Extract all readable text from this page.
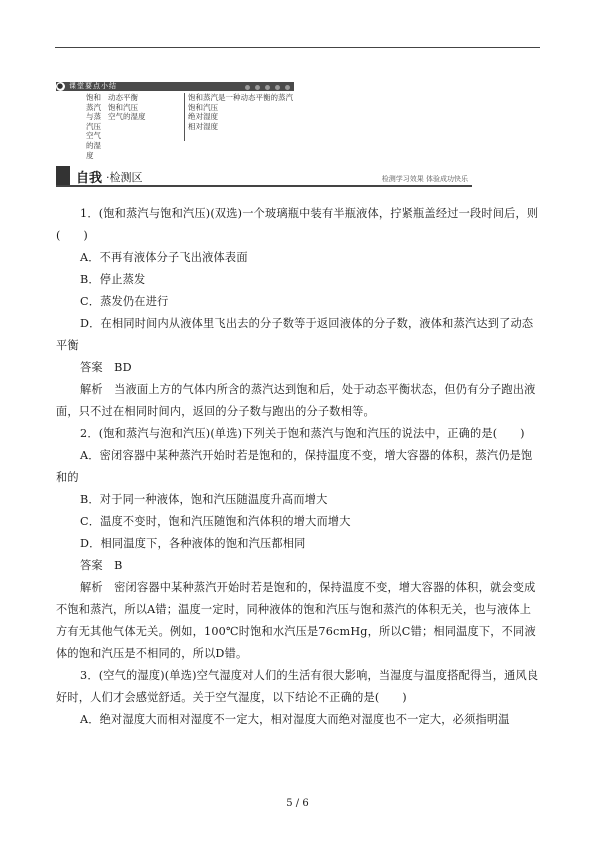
● 课堂要点小结
饱和蒸汽与蒸汽压 空气的湿度
动态平衡
饱和汽压
空气的湿度
饱和蒸汽是一种动态平衡的蒸汽
饱和汽压
绝对湿度
相对湿度
自我 ·检测区	检测学习效果 体验成功快乐

1．(饱和蒸汽与饱和汽压)(双选)一个玻璃瓶中装有半瓶液体，拧紧瓶盖经过一段时间后，则(　　)

A．不再有液体分子飞出液体表面

B．停止蒸发

C．蒸发仍在进行

D．在相同时间内从液体里飞出去的分子数等于返回液体的分子数，液体和蒸汽达到了动态平衡

答案　BD

解析　当液面上方的气体内所含的蒸汽达到饱和后，处于动态平衡状态，但仍有分子跑出液面，只不过在相同时间内，返回的分子数与跑出的分子数相等。

2．(饱和蒸汽与泡和汽压)(单选)下列关于饱和蒸汽与饱和汽压的说法中，正确的是(　　)

A．密闭容器中某种蒸汽开始时若是饱和的，保持温度不变，增大容器的体积，蒸汽仍是饱和的

B．对于同一种液体，饱和汽压随温度升高而增大

C．温度不变时，饱和汽压随饱和汽体积的增大而增大

D．相同温度下，各种液体的饱和汽压都相同

答案　B

解析　密闭容器中某种蒸汽开始时若是饱和的，保持温度不变，增大容器的体积，就会变成不饱和蒸汽，所以A错；温度一定时，同种液体的饱和汽压与饱和蒸汽的体积无关，也与液体上方有无其他气体无关。例如，100℃时饱和水汽压是76cmHg，所以C错；相同温度下，不同液体的饱和汽压是不相同的，所以D错。

3．(空气的湿度)(单选)空气湿度对人们的生活有很大影响，当湿度与温度搭配得当，通风良好时，人们才会感觉舒适。关于空气湿度，以下结论不正确的是(　　)

A．绝对湿度大而相对湿度不一定大，相对湿度大而绝对湿度也不一定大，必须指明温

5 / 6
